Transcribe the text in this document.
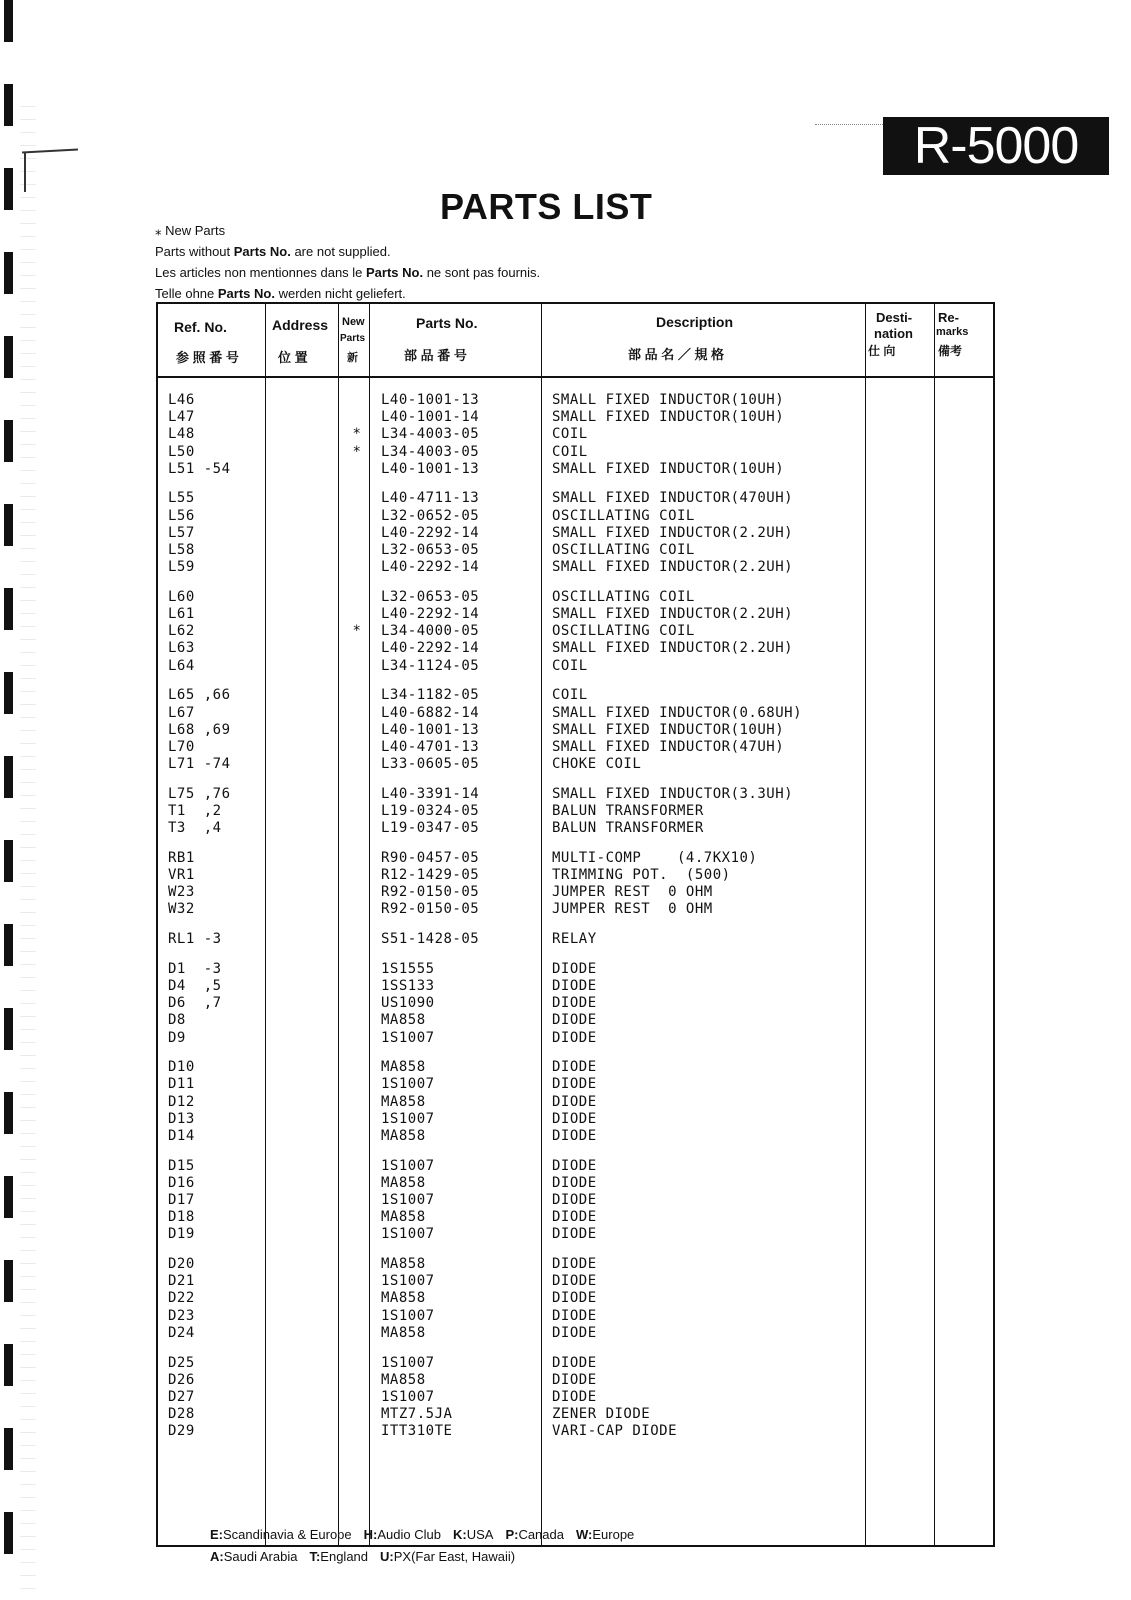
R-5000
PARTS LIST
⁎ New Parts
Parts without Parts No. are not supplied.
Les articles non mentionnes dans le Parts No. ne sont pas fournis.
Telle ohne Parts No. werden nicht geliefert.
Ref. No.
参 照 番 号
Address
位 置
New
Parts
新
Parts No.
部 品 番 号
Description
部 品 名 ／ 規 格
Desti-
nation
仕 向
Re-
marks
備考
L46	L40-1001-13	SMALL FIXED INDUCTOR(10UH)
L47	L40-1001-14	SMALL FIXED INDUCTOR(10UH)
L48	* L34-4003-05	COIL
L50	* L34-4003-05	COIL
L51 -54	L40-1001-13	SMALL FIXED INDUCTOR(10UH)
L55	L40-4711-13	SMALL FIXED INDUCTOR(470UH)
L56	L32-0652-05	OSCILLATING COIL
L57	L40-2292-14	SMALL FIXED INDUCTOR(2.2UH)
L58	L32-0653-05	OSCILLATING COIL
L59	L40-2292-14	SMALL FIXED INDUCTOR(2.2UH)
L60	L32-0653-05	OSCILLATING COIL
L61	L40-2292-14	SMALL FIXED INDUCTOR(2.2UH)
L62	* L34-4000-05	OSCILLATING COIL
L63	L40-2292-14	SMALL FIXED INDUCTOR(2.2UH)
L64	L34-1124-05	COIL
L65 ,66	L34-1182-05	COIL
L67	L40-6882-14	SMALL FIXED INDUCTOR(0.68UH)
L68 ,69	L40-1001-13	SMALL FIXED INDUCTOR(10UH)
L70	L40-4701-13	SMALL FIXED INDUCTOR(47UH)
L71 -74	L33-0605-05	CHOKE COIL
L75 ,76	L40-3391-14	SMALL FIXED INDUCTOR(3.3UH)
T1  ,2	L19-0324-05	BALUN TRANSFORMER
T3  ,4	L19-0347-05	BALUN TRANSFORMER
RB1	R90-0457-05	MULTI-COMP    (4.7KX10)
VR1	R12-1429-05	TRIMMING POT.  (500)
W23	R92-0150-05	JUMPER REST  0 OHM
W32	R92-0150-05	JUMPER REST  0 OHM
RL1 -3	S51-1428-05	RELAY
D1  -3	1S1555	DIODE
D4  ,5	1SS133	DIODE
D6  ,7	US1090	DIODE
D8	MA858	DIODE
D9	1S1007	DIODE
D10	MA858	DIODE
D11	1S1007	DIODE
D12	MA858	DIODE
D13	1S1007	DIODE
D14	MA858	DIODE
D15	1S1007	DIODE
D16	MA858	DIODE
D17	1S1007	DIODE
D18	MA858	DIODE
D19	1S1007	DIODE
D20	MA858	DIODE
D21	1S1007	DIODE
D22	MA858	DIODE
D23	1S1007	DIODE
D24	MA858	DIODE
D25	1S1007	DIODE
D26	MA858	DIODE
D27	1S1007	DIODE
D28	MTZ7.5JA	ZENER DIODE
D29	ITT310TE	VARI-CAP DIODE
E:Scandinavia & Europe H:Audio Club K:USA P:Canada W:Europe
A:Saudi Arabia T:England U:PX(Far East, Hawaii)
